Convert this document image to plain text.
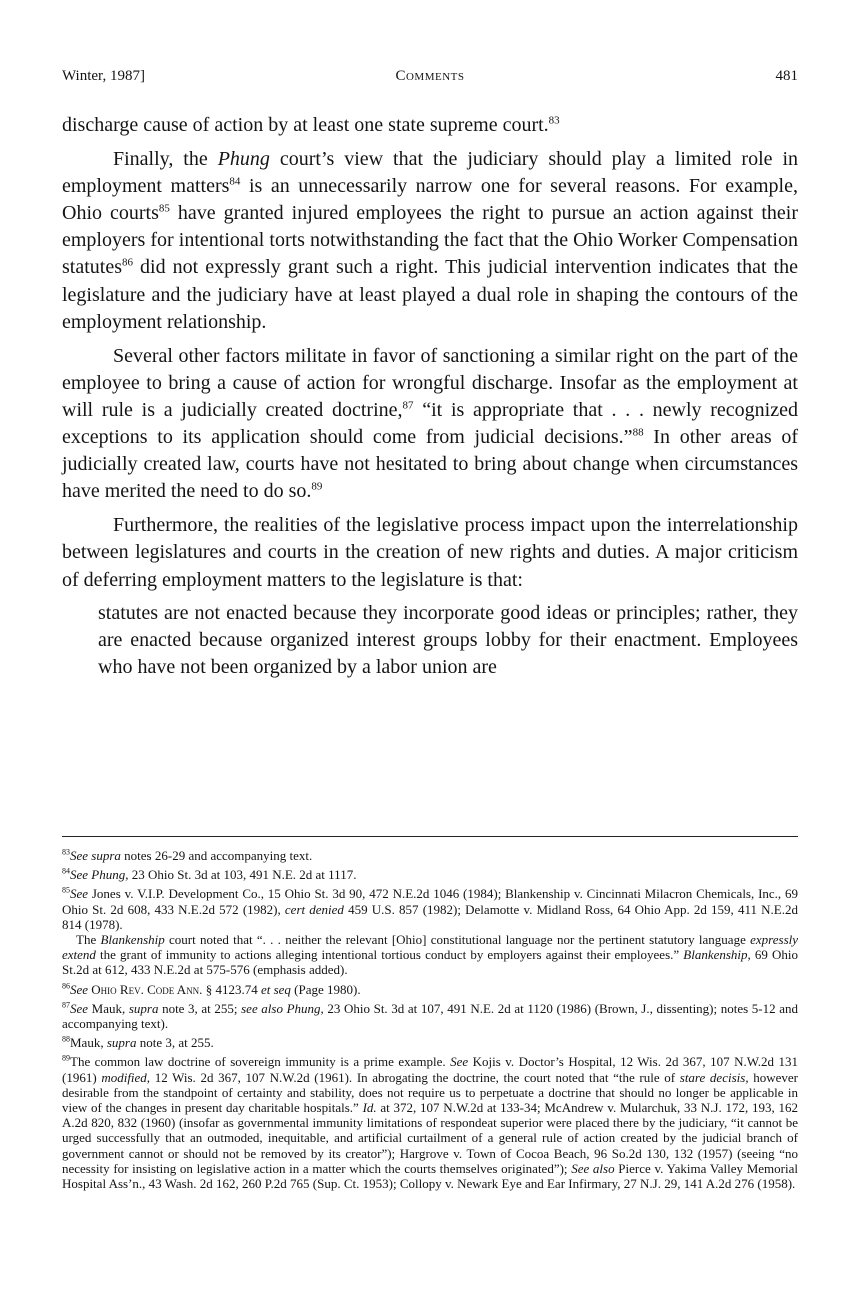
Winter, 1987]	Comments	481

discharge cause of action by at least one state supreme court.$^{83}$

Finally, the Phung court’s view that the judiciary should play a limited role in employment matters$^{84}$ is an unnecessarily narrow one for several reasons. For example, Ohio courts$^{85}$ have granted injured employees the right to pursue an action against their employers for intentional torts notwithstanding the fact that the Ohio Worker Compensation statutes$^{86}$ did not expressly grant such a right. This judicial intervention indicates that the legislature and the judiciary have at least played a dual role in shaping the contours of the employment relationship.

Several other factors militate in favor of sanctioning a similar right on the part of the employee to bring a cause of action for wrongful discharge. Insofar as the employment at will rule is a judicially created doctrine,$^{87}$ “it is appropriate that . . . newly recognized exceptions to its application should come from judicial decisions.”$^{88}$ In other areas of judicially created law, courts have not hesitated to bring about change when circumstances have merited the need to do so.$^{89}$

Furthermore, the realities of the legislative process impact upon the interrelationship between legislatures and courts in the creation of new rights and duties. A major criticism of deferring employment matters to the legislature is that:

statutes are not enacted because they incorporate good ideas or principles; rather, they are enacted because organized interest groups lobby for their enactment. Employees who have not been organized by a labor union are

$^{83}$See supra notes 26-29 and accompanying text.

$^{84}$See Phung, 23 Ohio St. 3d at 103, 491 N.E. 2d at 1117.

$^{85}$See Jones v. V.I.P. Development Co., 15 Ohio St. 3d 90, 472 N.E.2d 1046 (1984); Blankenship v. Cincinnati Milacron Chemicals, Inc., 69 Ohio St. 2d 608, 433 N.E.2d 572 (1982), cert denied 459 U.S. 857 (1982); Delamotte v. Midland Ross, 64 Ohio App. 2d 159, 411 N.E.2d 814 (1978).

The Blankenship court noted that “. . . neither the relevant [Ohio] constitutional language nor the pertinent statutory language expressly extend the grant of immunity to actions alleging intentional tortious conduct by employers against their employees.” Blankenship, 69 Ohio St.2d at 612, 433 N.E.2d at 575-576 (emphasis added).

$^{86}$See Ohio Rev. Code Ann. § 4123.74 et seq (Page 1980).

$^{87}$See Mauk, supra note 3, at 255; see also Phung, 23 Ohio St. 3d at 107, 491 N.E. 2d at 1120 (1986) (Brown, J., dissenting); notes 5-12 and accompanying text).

$^{88}$Mauk, supra note 3, at 255.

$^{89}$The common law doctrine of sovereign immunity is a prime example. See Kojis v. Doctor’s Hospital, 12 Wis. 2d 367, 107 N.W.2d 131 (1961) modified, 12 Wis. 2d 367, 107 N.W.2d (1961). In abrogating the doctrine, the court noted that “the rule of stare decisis, however desirable from the standpoint of certainty and stability, does not require us to perpetuate a doctrine that should no longer be applicable in view of the changes in present day charitable hospitals.” Id. at 372, 107 N.W.2d at 133-34; McAndrew v. Mularchuk, 33 N.J. 172, 193, 162 A.2d 820, 832 (1960) (insofar as governmental immunity limitations of respondeat superior were placed there by the judiciary, “it cannot be urged successfully that an outmoded, inequitable, and artificial curtailment of a general rule of action created by the judicial branch of government cannot or should not be removed by its creator”); Hargrove v. Town of Cocoa Beach, 96 So.2d 130, 132 (1957) (seeing “no necessity for insisting on legislative action in a matter which the courts themselves originated”); See also Pierce v. Yakima Valley Memorial Hospital Ass’n., 43 Wash. 2d 162, 260 P.2d 765 (Sup. Ct. 1953); Collopy v. Newark Eye and Ear Infirmary, 27 N.J. 29, 141 A.2d 276 (1958).
